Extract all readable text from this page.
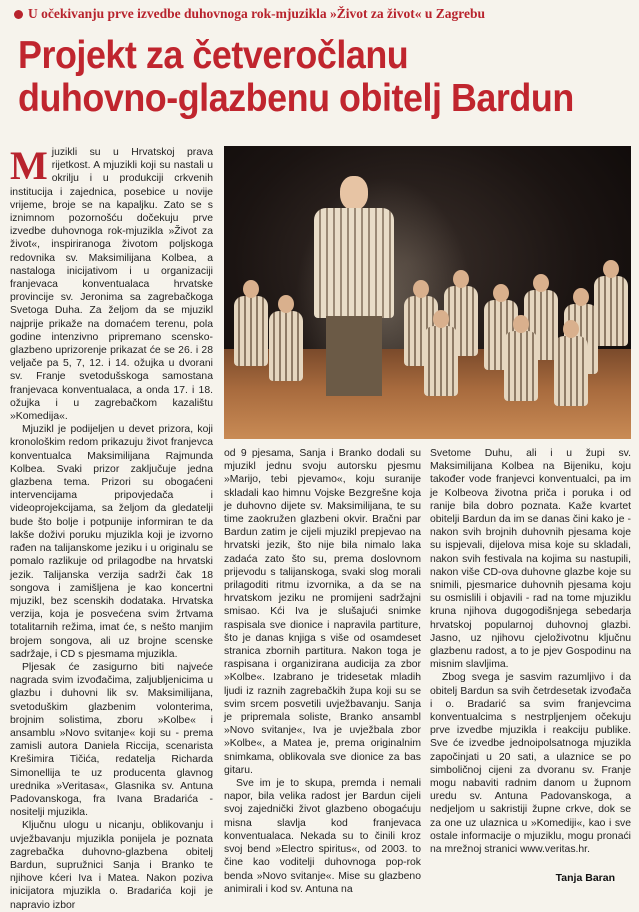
U očekivanju prve izvedbe duhovnoga rok-mjuzikla »Život za život« u Zagrebu
Projekt za četveročlanu
duhovno-glazbenu obitelj Bardun
M juzikli su u Hrvatskoj prava rijetkost. A mjuzikli koji su nastali u okrilju i u produkciji crkvenih institucija i zajednica, posebice u novije vrijeme, broje se na kapaljku. Zato se s iznimnom pozornošću dočekuju prve izvedbe duhovnoga rok-mjuzikla »Život za život«, inspiriranoga životom poljskoga redovnika sv. Maksimilijana Kolbea, a nastaloga inicijativom i u organizaciji franjevaca konventualaca hrvatske provincije sv. Jeronima sa zagrebačkoga Svetoga Duha. Za željom da se mjuzikl najprije prikaže na domaćem terenu, pola godine intenzivno pripremano scensko-glazbeno uprizorenje prikazat će se 26. i 28 veljače pa 5, 7, 12. i 14. ožujka u dvorani sv. Franje svetodušskoga samostana franjevaca konventualaca, a onda 17. i 18. ožujka i u zagrebačkom kazalištu »Komedija«.

Mjuzikl je podijeljen u devet prizora, koji kronološkim redom prikazuju život franjevca konventualca Maksimilijana Rajmunda Kolbea. Svaki prizor zaključuje jedna glazbena tema. Prizori su obogaćeni intervencijama pripovjedača i videoprojekcijama, sa željom da gledatelji bude što bolje i potpunije informiran te da lakše doživi poruku mjuzikla koji je izvorno rađen na talijanskome jeziku i u originalu se pomalo razlikuje od prilagodbe na hrvatski jezik. Talijanska verzija sadrži čak 18 songova i zamišljena je kao koncertni mjuzikl, bez scenskih dodataka. Hrvatska verzija, koja je posvećena svim žrtvama totalitarnih režima, imat će, s nešto manjim brojem songova, ali uz brojne scenske sadržaje, i CD s pjesmama mjuzikla.

Pljesak će zasigurno biti najveće nagrada svim izvođačima, zaljubljenicima u glazbu i duhovni lik sv. Maksimilijana, svetoduškim glazbenim volonterima, brojnim solistima, zboru »Kolbe« i ansamblu »Novo svitanje« koji su - prema zamisli autora Daniela Riccija, scenarista Krešimira Tičića, redatelja Richarda Simonellija te uz producenta glavnog urednika »Veritasa«, Glasnika sv. Antuna Padovanskoga, fra Ivana Bradarića - nositelji mjuzikla.

Ključnu ulogu u nicanju, oblikovanju i uvježbavanju mjuzikla ponijela je poznata zagrebačka duhovno-glazbena obitelj Bardun, supružnici Sanja i Branko te njihove kćeri Iva i Matea. Nakon poziva inicijatora mjuzikla o. Bradarića koji je napravio izbor

od 9 pjesama, Sanja i Branko dodali su mjuzikl jednu svoju autorsku pjesmu »Marijo, tebi pjevamo«, koju suranije skladali kao himnu Vojske Bezgrešne koja je duhovno dijete sv. Maksimilijana, te su time zaokružen glazbeni okvir. Bračni par Bardun zatim je cijeli mjuzikl prepjevao na hrvatski jezik, što nije bila nimalo laka zadaća zato što su, prema doslovnom prijevodu s talijanskoga, svaki slog morali prilagoditi ritmu izvornika, a da se na hrvatskom jeziku ne promijeni sadržajni smisao. Kći Iva je slušajući snimke raspisala sve dionice i napravila partiture, što je danas knjiga s više od osamdeset stranica zbornih partitura. Nakon toga je raspisana i organizirana audicija za zbor »Kolbe«. Izabrano je tridesetak mladih ljudi iz raznih zagrebačkih župa koji su se svim srcem posvetili uvježbavanju. Sanja je pripremala soliste, Branko ansambl »Novo svitanje«, Iva je uvježbala zbor »Kolbe«, a Matea je, prema originalnim snimkama, oblikovala sve dionice za bas gitaru.

Sve im je to skupa, premda i nemali napor, bila velika radost jer Bardun cijeli svoj zajednički život glazbeno obogaćuju misna slavlja kod franjevaca konventualaca. Nekada su to činili kroz svoj bend »Electro spiritus«, od 2003. to čine kao voditelji duhovnoga pop-rok benda »Novo svitanje«. Mise su glazbeno animirali i kod sv. Antuna na

Svetome Duhu, ali i u župi sv. Maksimilijana Kolbea na Bijeniku, koju također vode franjevci konventualci, pa im je Kolbeova životna priča i poruka i od ranije bila dobro poznata. Kaže kvartet obitelji Bardun da im se danas čini kako je - nakon svih brojnih duhovnih pjesama koje su ispjevali, dijelova misa koje su skladali, nakon svih festivala na kojima su nastupili, nakon više CD-ova duhovne glazbe koje su snimili, pjesmarice duhovnih pjesama koju su osmislili i objavili - rad na tome mjuziklu kruna njihova dugogodišnjega sebedarja hrvatskoj popularnoj duhovnoj glazbi. Jasno, uz njihovu cjeloživotnu ključnu glazbenu radost, a to je pjev Gospodinu na misnim slavljima.

Zbog svega je sasvim razumljivo i da obitelj Bardun sa svih četrdesetak izvođača i o. Bradarić sa svim franjevcima konventualcima s nestrpljenjem očekuju prve izvedbe mjuzikla i reakciju publike. Sve će izvedbe jednoipolsatnoga mjuzikla započinjati u 20 sati, a ulaznice se po simboličnoj cijeni za dvoranu sv. Franje mogu nabaviti radnim danom u župnom uredu sv. Antuna Padovanskoga, a nedjeljom u sakristiji župne crkve, dok se za one uz ulaznica u »Komediji«, kao i sve ostale informacije o mjuziklu, mogu pronaći na mrežnoj stranici www.veritas.hr.

Tanja Baran
